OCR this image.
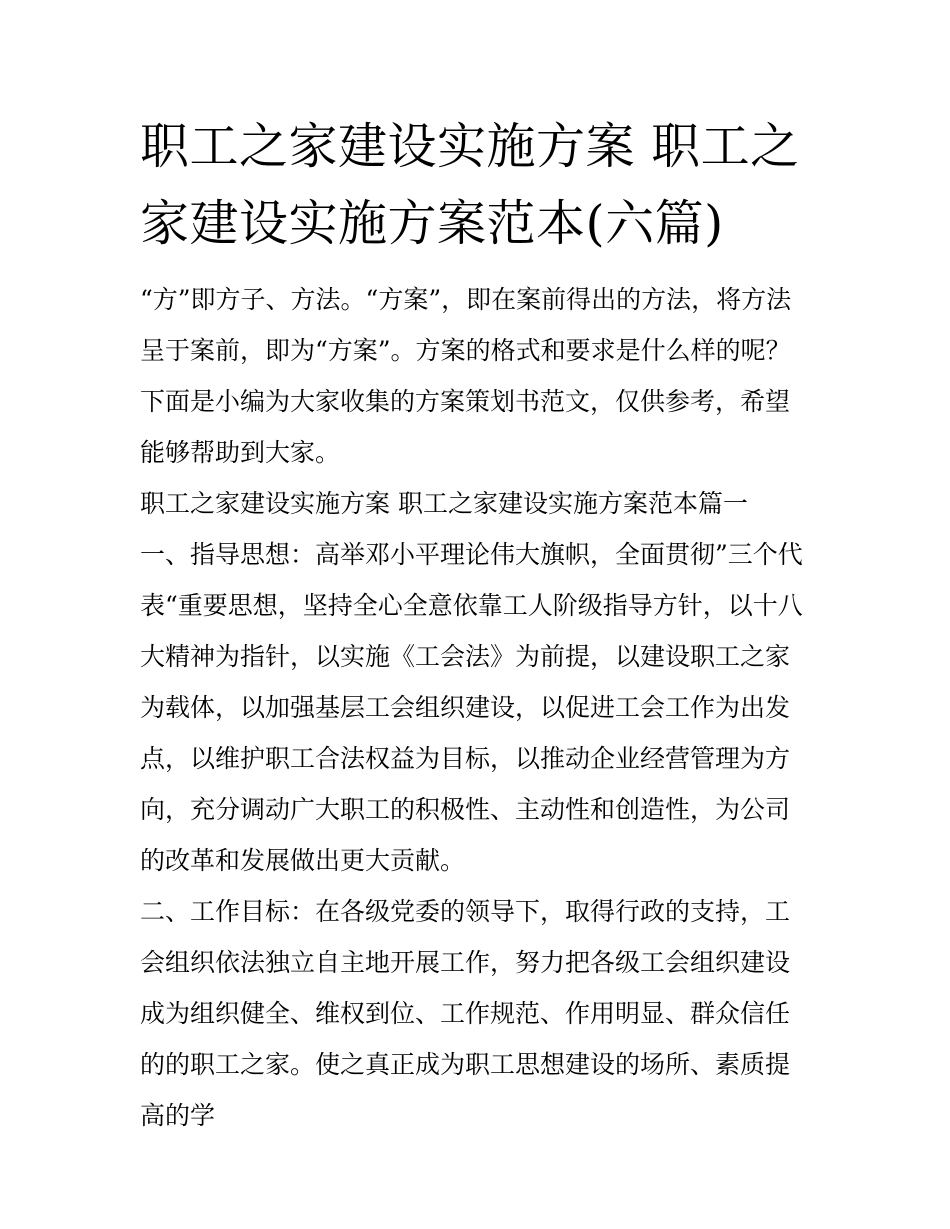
职工之家建设实施方案 职工之家建设实施方案范本(六篇)

“方”即方子、方法。“方案”，即在案前得出的方法，将方法呈于案前，即为“方案”。方案的格式和要求是什么样的呢？下面是小编为大家收集的方案策划书范文，仅供参考，希望能够帮助到大家。

职工之家建设实施方案 职工之家建设实施方案范本篇一

一、指导思想：高举邓小平理论伟大旗帜，全面贯彻”三个代表“重要思想，坚持全心全意依靠工人阶级指导方针，以十八大精神为指针，以实施《工会法》为前提，以建设职工之家为载体，以加强基层工会组织建设，以促进工会工作为出发点，以维护职工合法权益为目标，以推动企业经营管理为方向，充分调动广大职工的积极性、主动性和创造性，为公司的改革和发展做出更大贡献。

二、工作目标：在各级党委的领导下，取得行政的支持，工会组织依法独立自主地开展工作，努力把各级工会组织建设成为组织健全、维权到位、工作规范、作用明显、群众信任的的职工之家。使之真正成为职工思想建设的场所、素质提高的学
